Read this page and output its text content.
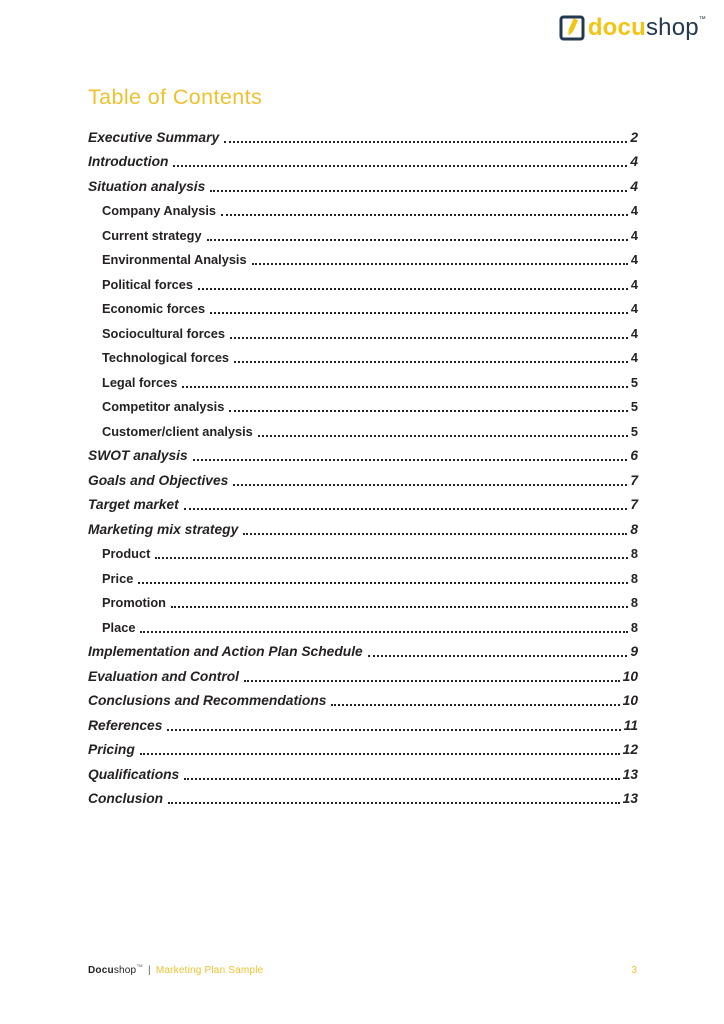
docushop™
Table of Contents
Executive Summary	2
Introduction	4
Situation analysis	4
Company Analysis	4
Current strategy	4
Environmental Analysis	4
Political forces	4
Economic forces	4
Sociocultural forces	4
Technological forces	4
Legal forces	5
Competitor analysis	5
Customer/client analysis	5
SWOT analysis	6
Goals and Objectives	7
Target market	7
Marketing mix strategy	8
Product	8
Price	8
Promotion	8
Place	8
Implementation and Action Plan Schedule	9
Evaluation and Control	10
Conclusions and Recommendations	10
References	11
Pricing	12
Qualifications	13
Conclusion	13
Docushop™ | Marketing Plan Sample	3
